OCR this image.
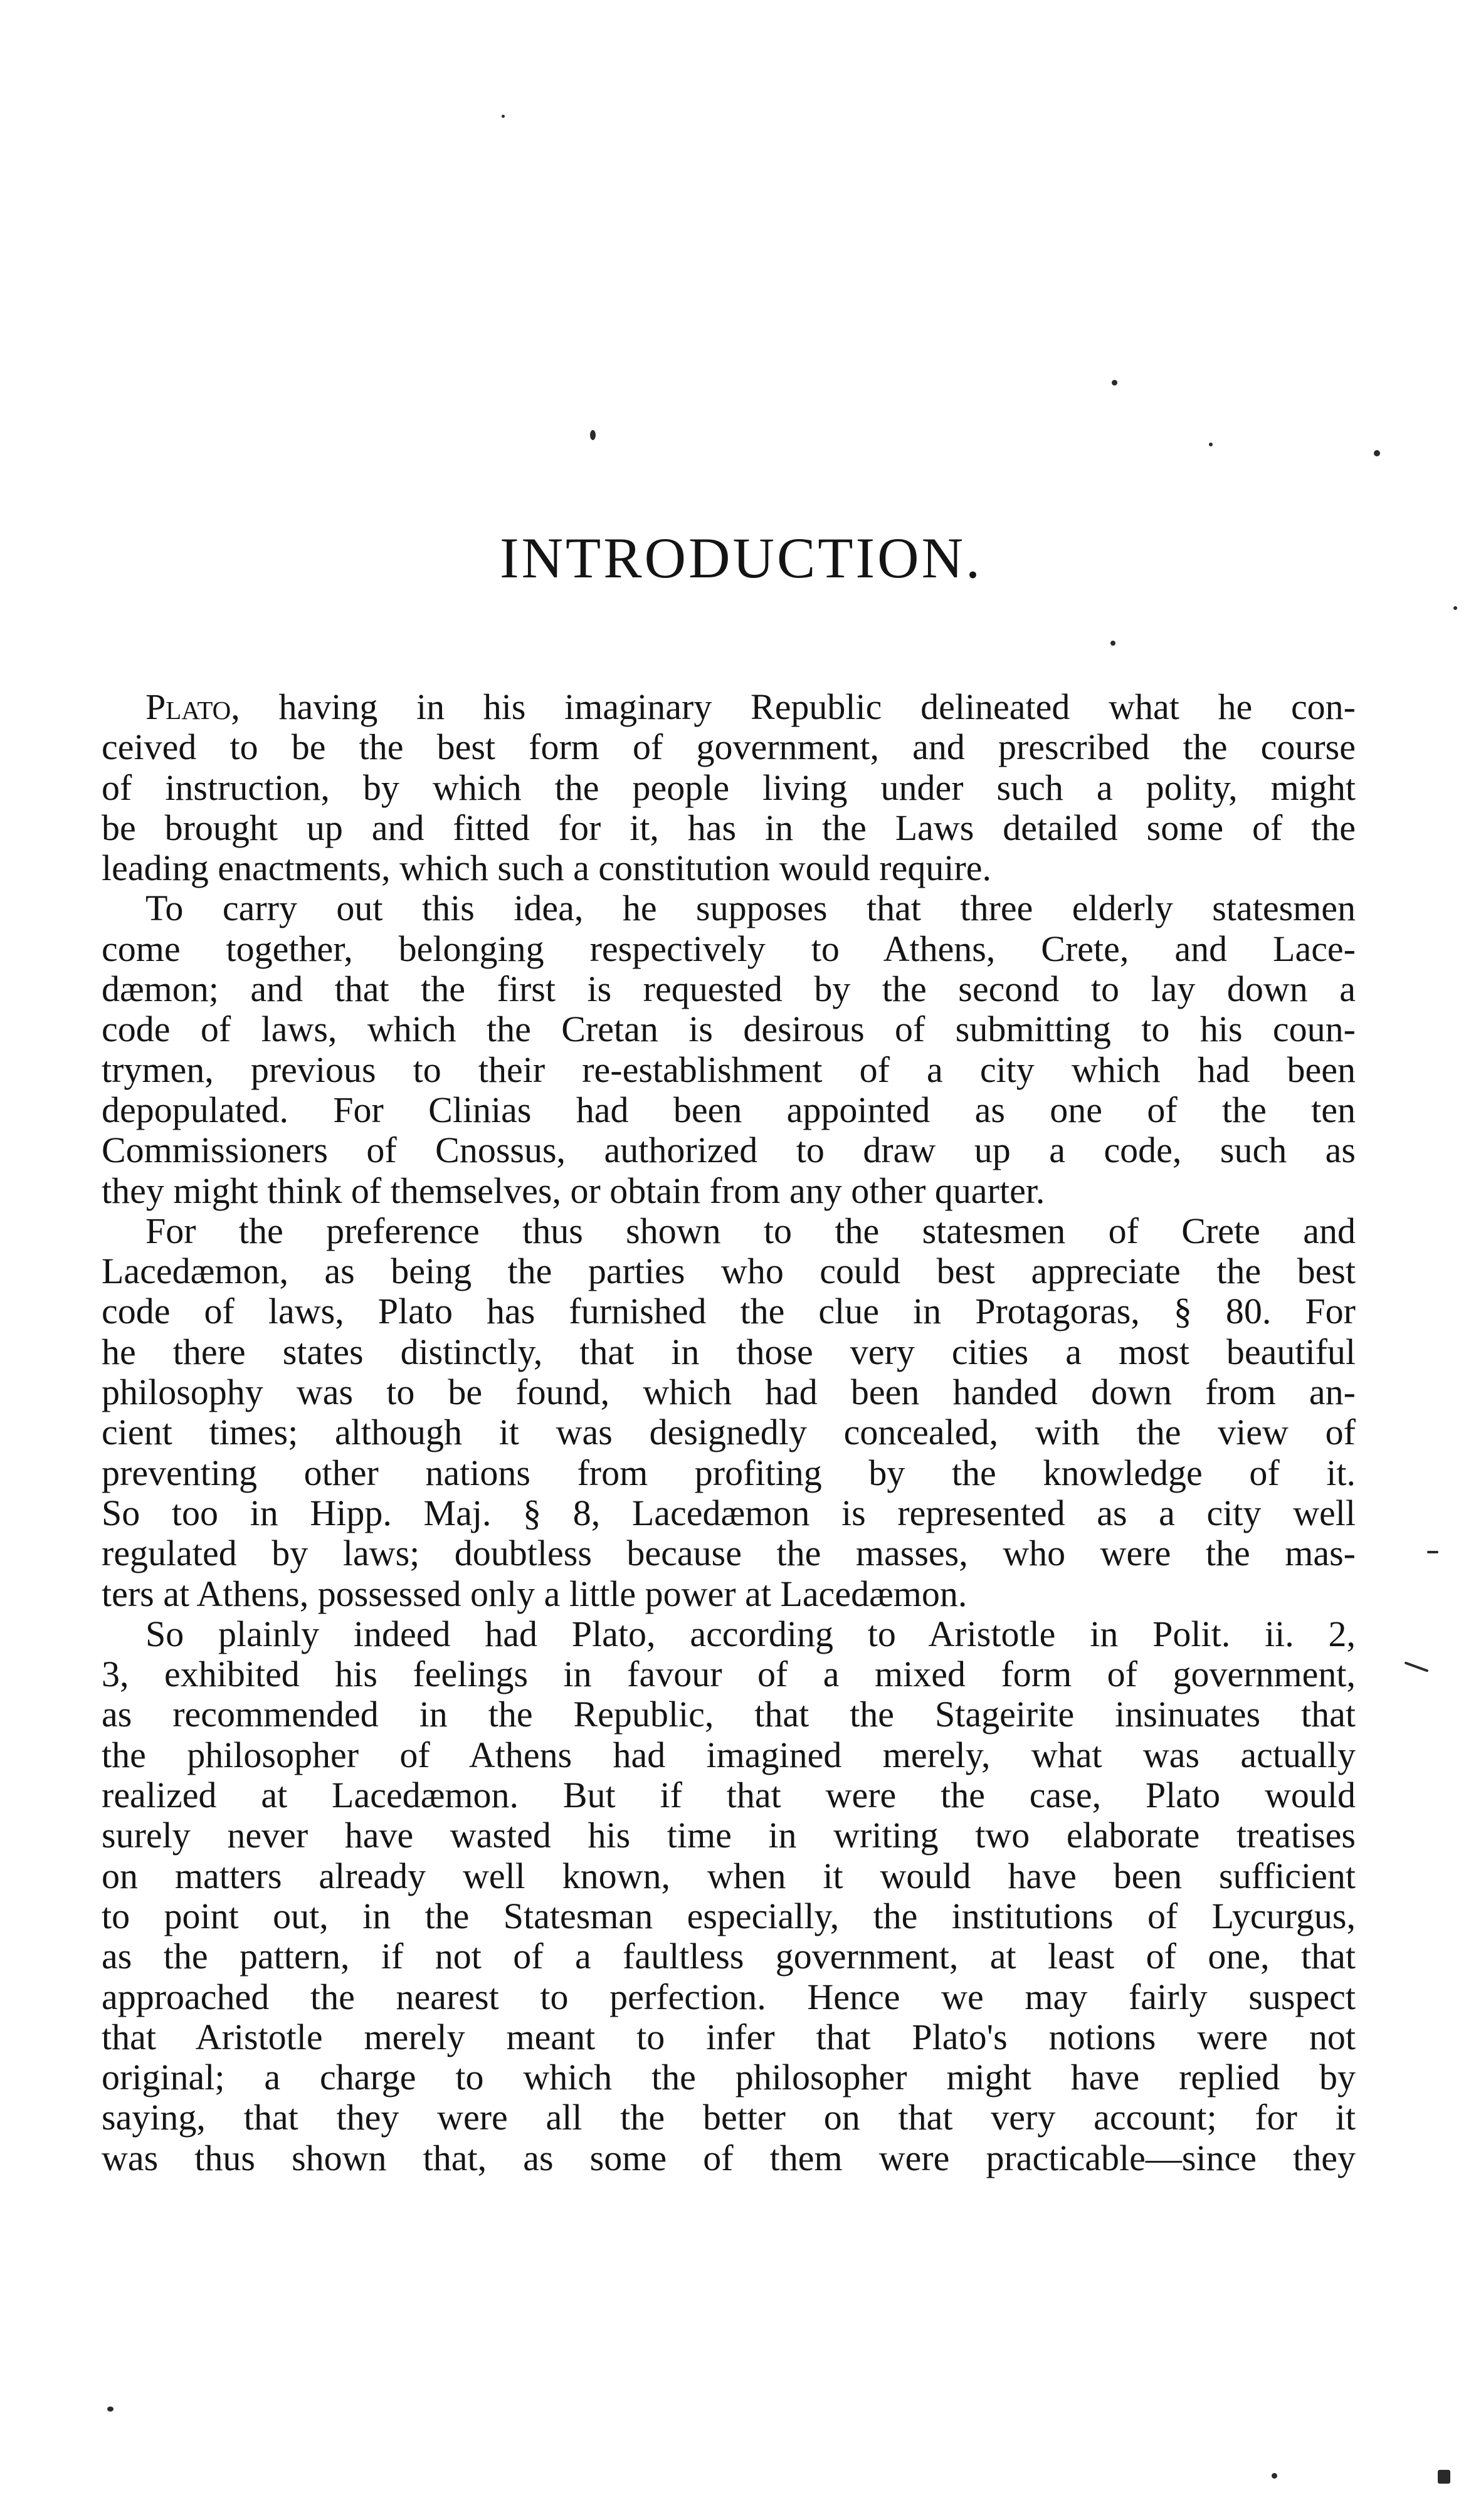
INTRODUCTION.
Plato, having in his imaginary Republic delineated what he con-
ceived to be the best form of government, and prescribed the course
of instruction, by which the people living under such a polity, might
be brought up and fitted for it, has in the Laws detailed some of the
leading enactments, which such a constitution would require.
To carry out this idea, he supposes that three elderly statesmen
come together, belonging respectively to Athens, Crete, and Lace-
dæmon; and that the first is requested by the second to lay down a
code of laws, which the Cretan is desirous of submitting to his coun-
trymen, previous to their re-establishment of a city which had been
depopulated. For Clinias had been appointed as one of the ten
Commissioners of Cnossus, authorized to draw up a code, such as
they might think of themselves, or obtain from any other quarter.
For the preference thus shown to the statesmen of Crete and
Lacedæmon, as being the parties who could best appreciate the best
code of laws, Plato has furnished the clue in Protagoras, § 80. For
he there states distinctly, that in those very cities a most beautiful
philosophy was to be found, which had been handed down from an-
cient times; although it was designedly concealed, with the view of
preventing other nations from profiting by the knowledge of it.
So too in Hipp. Maj. § 8, Lacedæmon is represented as a city well
regulated by laws; doubtless because the masses, who were the mas-
ters at Athens, possessed only a little power at Lacedæmon.
So plainly indeed had Plato, according to Aristotle in Polit. ii. 2,
3, exhibited his feelings in favour of a mixed form of government,
as recommended in the Republic, that the Stageirite insinuates that
the philosopher of Athens had imagined merely, what was actually
realized at Lacedæmon. But if that were the case, Plato would
surely never have wasted his time in writing two elaborate treatises
on matters already well known, when it would have been sufficient
to point out, in the Statesman especially, the institutions of Lycurgus,
as the pattern, if not of a faultless government, at least of one, that
approached the nearest to perfection. Hence we may fairly suspect
that Aristotle merely meant to infer that Plato's notions were not
original; a charge to which the philosopher might have replied by
saying, that they were all the better on that very account; for it
was thus shown that, as some of them were practicable—since they
